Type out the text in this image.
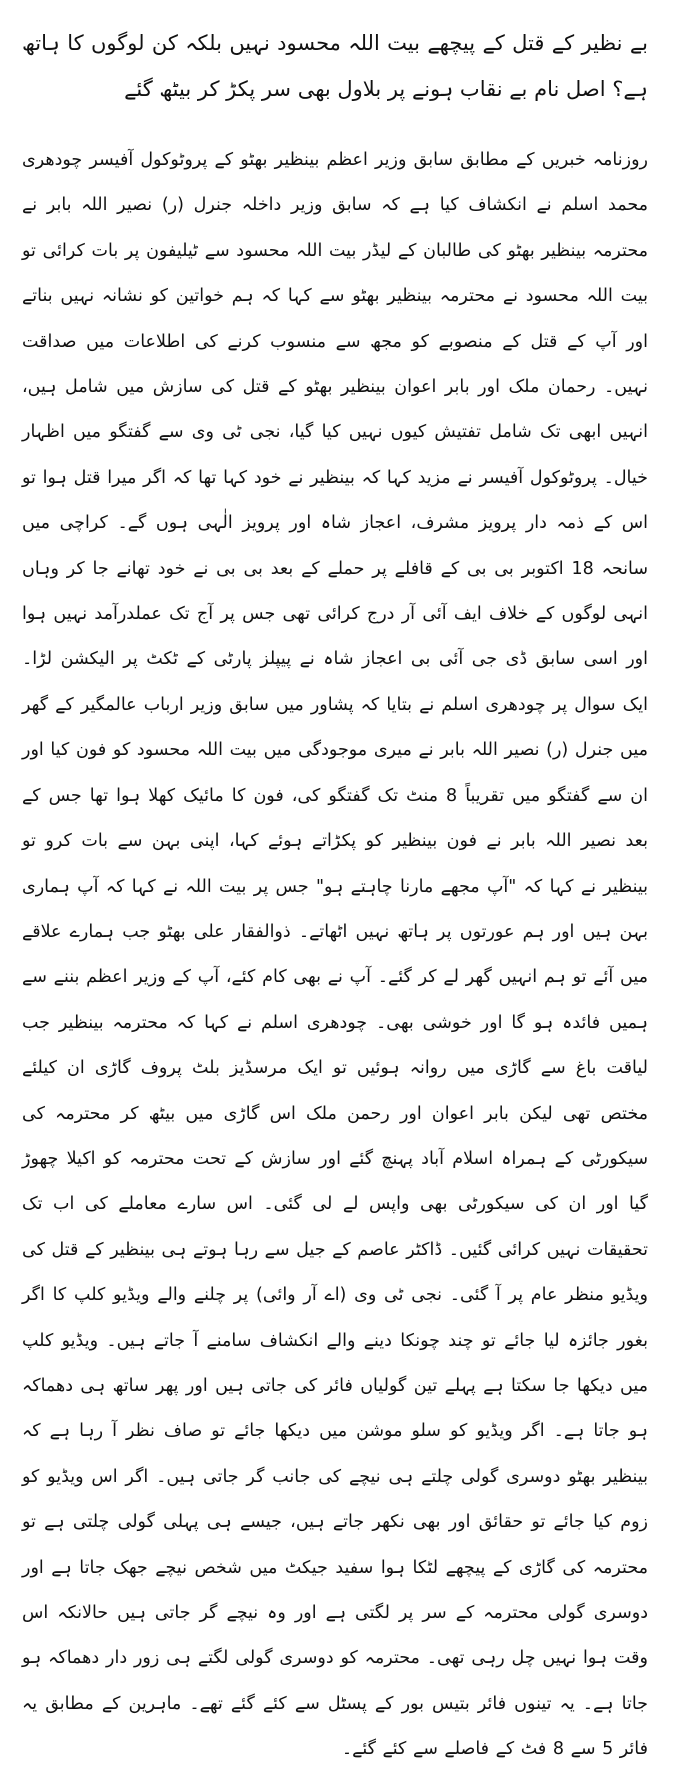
بے نظیر کے قتل کے پیچھے بیت اللہ محسود نہیں بلکہ کن لوگوں کا ہاتھ ہے؟ اصل نام بے نقاب ہونے پر بلاول بھی سر پکڑ کر بیٹھ گئے

روزنامہ خبریں کے مطابق سابق وزیر اعظم بینظیر بھٹو کے پروٹوکول آفیسر چودھری محمد اسلم نے انکشاف کیا ہے کہ سابق وزیر داخلہ جنرل (ر) نصیر اللہ بابر نے محترمہ بینظیر بھٹو کی طالبان کے لیڈر بیت اللہ محسود سے ٹیلیفون پر بات کرائی تو بیت اللہ محسود نے محترمہ بینظیر بھٹو سے کہا کہ ہم خواتین کو نشانہ نہیں بناتے اور آپ کے قتل کے منصوبے کو مجھ سے منسوب کرنے کی اطلاعات میں صداقت نہیں۔ رحمان ملک اور بابر اعوان بینظیر بھٹو کے قتل کی سازش میں شامل ہیں، انہیں ابھی تک شامل تفتیش کیوں نہیں کیا گیا، نجی ٹی وی سے گفتگو میں اظہار خیال۔ پروٹوکول آفیسر نے مزید کہا کہ بینظیر نے خود کہا تھا کہ اگر میرا قتل ہوا تو اس کے ذمہ دار پرویز مشرف، اعجاز شاہ اور پرویز الٰہی ہوں گے۔ کراچی میں سانحہ 18 اکتوبر بی بی کے قافلے پر حملے کے بعد بی بی نے خود تھانے جا کر وہاں انہی لوگوں کے خلاف ایف آئی آر درج کرائی تھی جس پر آج تک عملدرآمد نہیں ہوا اور اسی سابق ڈی جی آئی بی اعجاز شاہ نے پیپلز پارٹی کے ٹکٹ پر الیکشن لڑا۔ ایک سوال پر چودھری اسلم نے بتایا کہ پشاور میں سابق وزیر ارباب عالمگیر کے گھر میں جنرل (ر) نصیر اللہ بابر نے میری موجودگی میں بیت اللہ محسود کو فون کیا اور ان سے گفتگو میں تقریباً 8 منٹ تک گفتگو کی، فون کا مائیک کھلا ہوا تھا جس کے بعد نصیر اللہ بابر نے فون بینظیر کو پکڑاتے ہوئے کہا، اپنی بہن سے بات کرو تو بینظیر نے کہا کہ "آپ مجھے مارنا چاہتے ہو" جس پر بیت اللہ نے کہا کہ آپ ہماری بہن ہیں اور ہم عورتوں پر ہاتھ نہیں اٹھاتے۔ ذوالفقار علی بھٹو جب ہمارے علاقے میں آئے تو ہم انہیں گھر لے کر گئے۔ آپ نے بھی کام کئے، آپ کے وزیر اعظم بننے سے ہمیں فائدہ ہو گا اور خوشی بھی۔ چودھری اسلم نے کہا کہ محترمہ بینظیر جب لیاقت باغ سے گاڑی میں روانہ ہوئیں تو ایک مرسڈیز بلٹ پروف گاڑی ان کیلئے مختص تھی لیکن بابر اعوان اور رحمن ملک اس گاڑی میں بیٹھ کر محترمہ کی سیکورٹی کے ہمراہ اسلام آباد پہنچ گئے اور سازش کے تحت محترمہ کو اکیلا چھوڑ گیا اور ان کی سیکورٹی بھی واپس لے لی گئی۔ اس سارے معاملے کی اب تک تحقیقات نہیں کرائی گئیں۔ ڈاکٹر عاصم کے جیل سے رہا ہوتے ہی بینظیر کے قتل کی ویڈیو منظر عام پر آ گئی۔ نجی ٹی وی (اے آر وائی) پر چلنے والے ویڈیو کلپ کا اگر بغور جائزہ لیا جائے تو چند چونکا دینے والے انکشاف سامنے آ جاتے ہیں۔ ویڈیو کلپ میں دیکھا جا سکتا ہے پہلے تین گولیاں فائر کی جاتی ہیں اور پھر ساتھ ہی دھماکہ ہو جاتا ہے۔ اگر ویڈیو کو سلو موشن میں دیکھا جائے تو صاف نظر آ رہا ہے کہ بینظیر بھٹو دوسری گولی چلتے ہی نیچے کی جانب گر جاتی ہیں۔ اگر اس ویڈیو کو زوم کیا جائے تو حقائق اور بھی نکھر جاتے ہیں، جیسے ہی پہلی گولی چلتی ہے تو محترمہ کی گاڑی کے پیچھے لٹکا ہوا سفید جیکٹ میں شخص نیچے جھک جاتا ہے اور دوسری گولی محترمہ کے سر پر لگتی ہے اور وہ نیچے گر جاتی ہیں حالانکہ اس وقت ہوا نہیں چل رہی تھی۔ محترمہ کو دوسری گولی لگتے ہی زور دار دھماکہ ہو جاتا ہے۔ یہ تینوں فائر بتیس بور کے پسٹل سے کئے گئے تھے۔ ماہرین کے مطابق یہ فائر 5 سے 8 فٹ کے فاصلے سے کئے گئے۔
